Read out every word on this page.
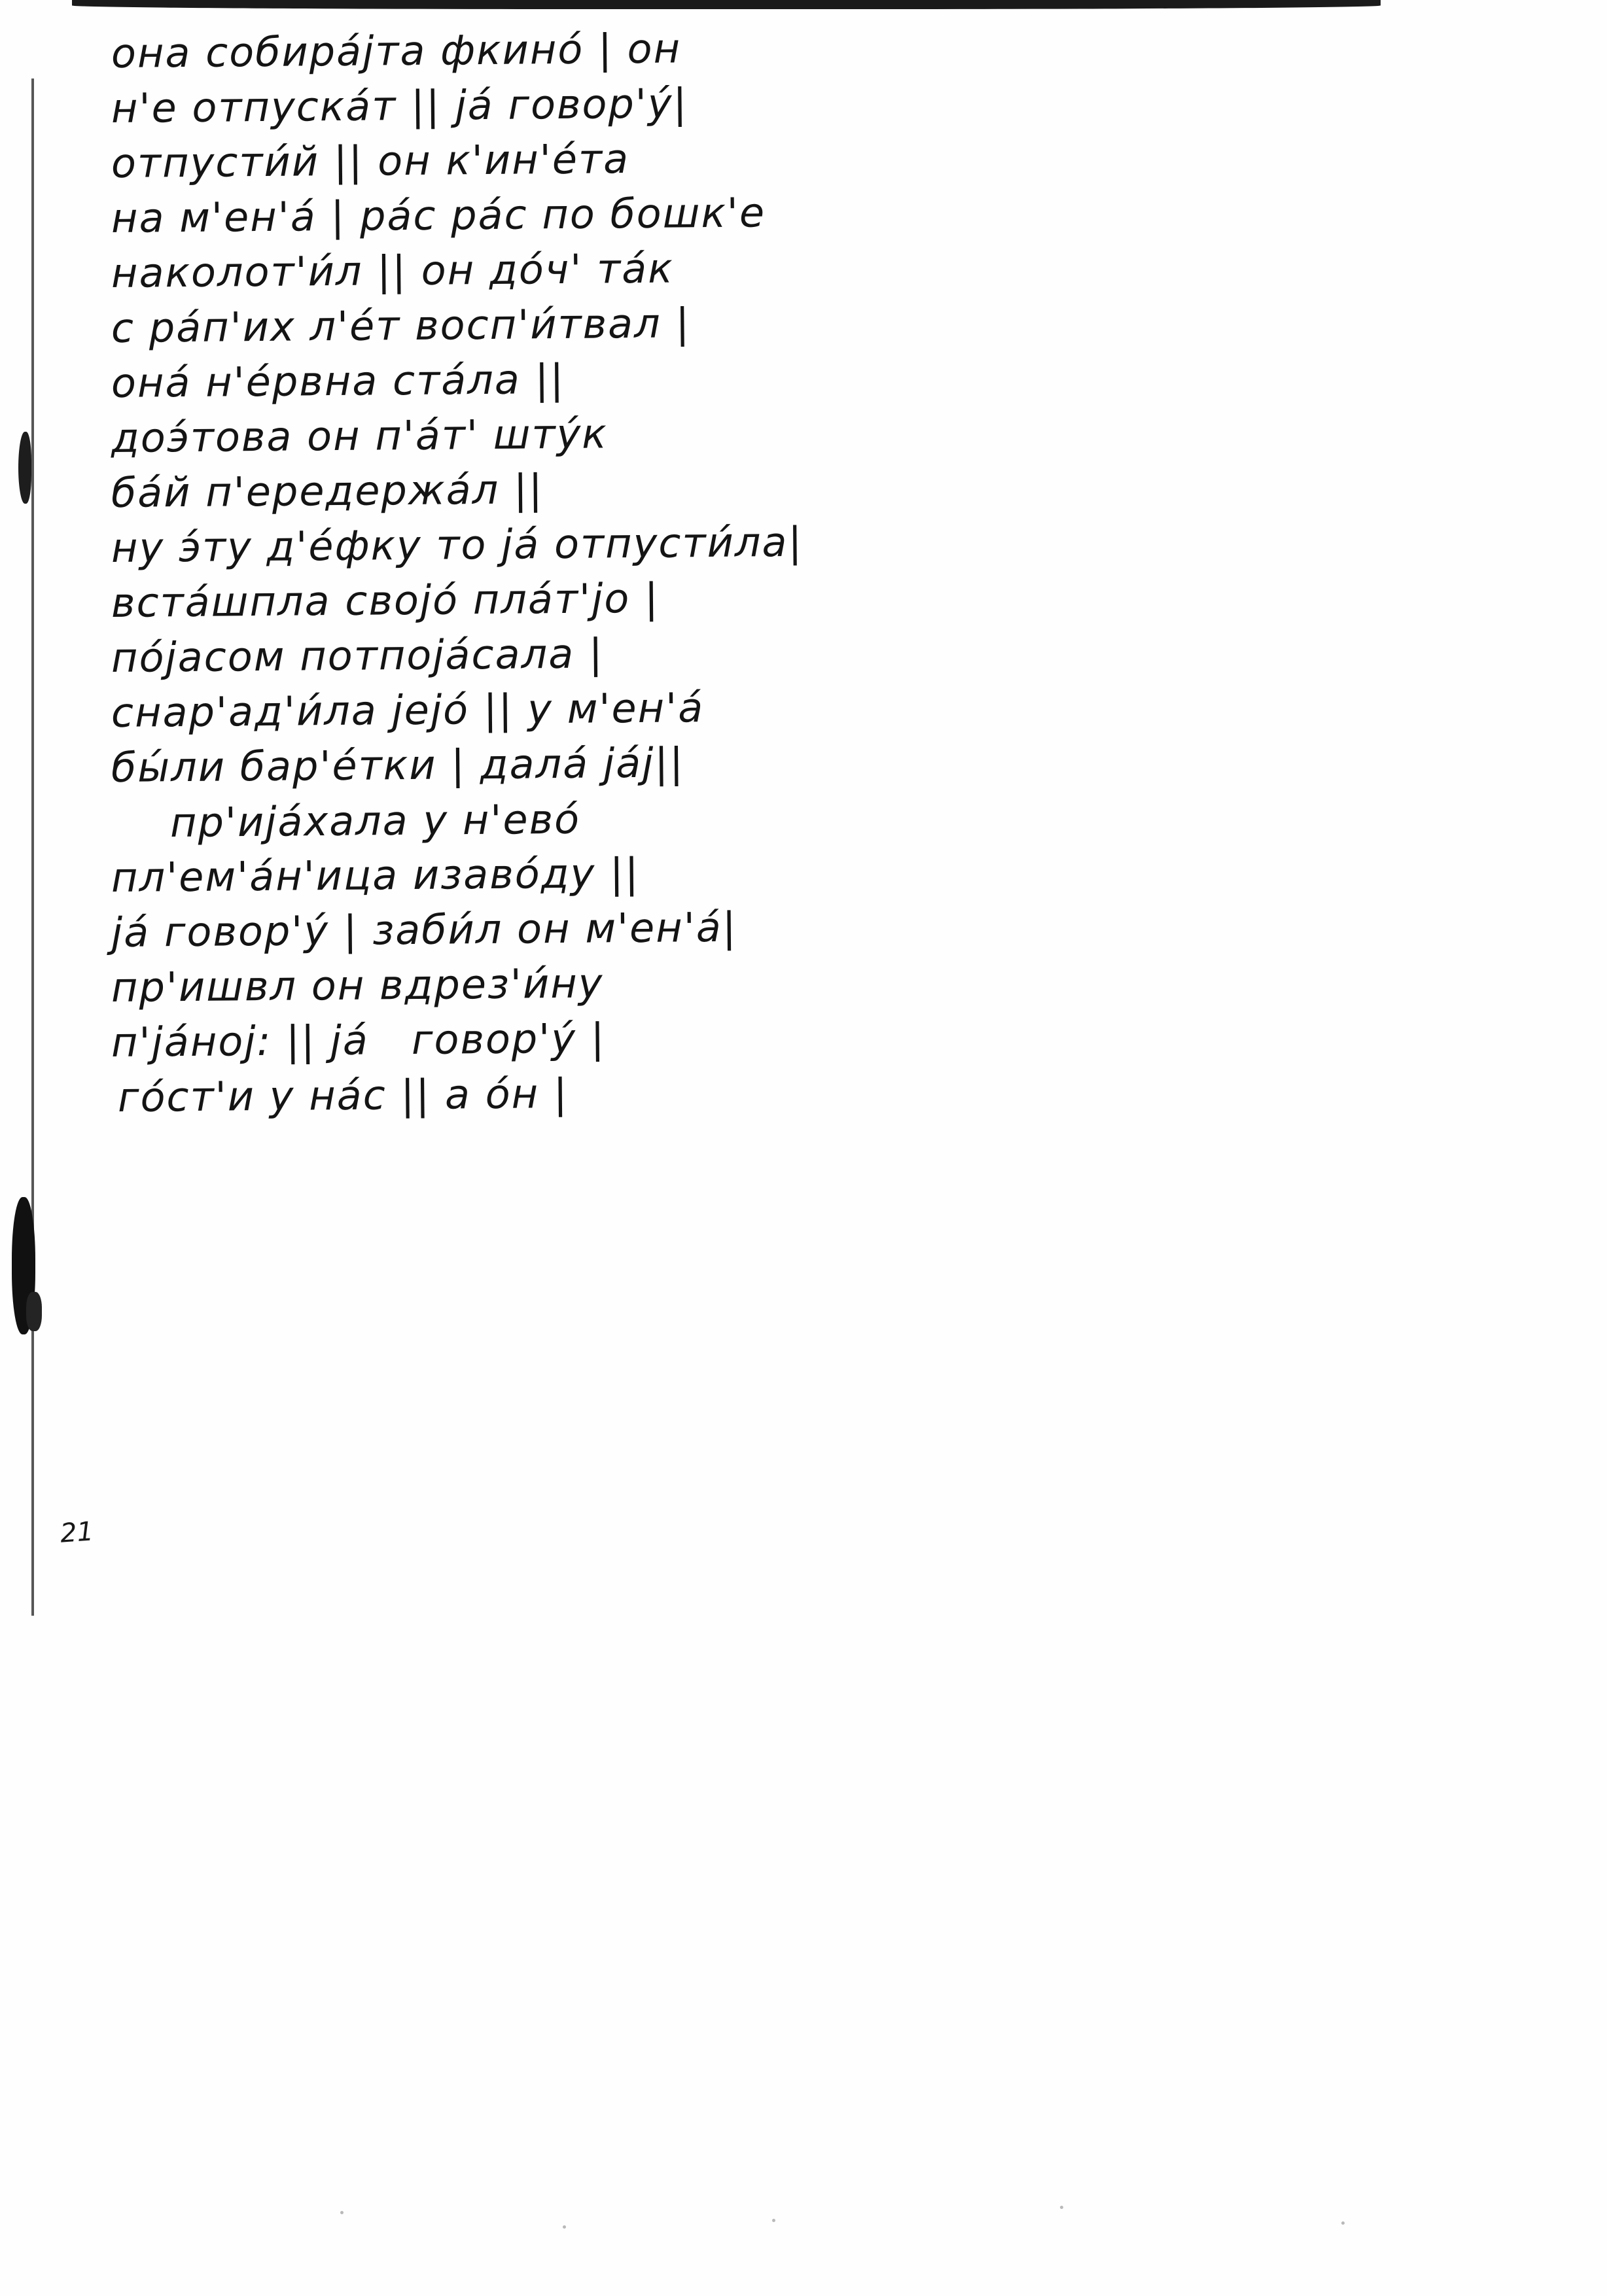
она собира́јта фкино́ | он
н'е отпуска́т || ја́ говор'у́|
отпусти́й || он к'ин'е́та
на м'ен'а́ | ра́с ра́с по бошк'е
наколот'и́л || он до́ч' та́к
с ра́п'их л'е́т восп'и́твал |
она́ н'е́рвна ста́ла ||
доэ́това он п'а́т' шту́к
ба́й п'ередержа́л ||
ну э́ту д'е́фку то ја́ отпусти́ла|
вста́шпла своjо́ пла́т'jо |
по́jасом потпоjа́сала |
снар'ад'и́ла јеjо́ || у м'ен'а́
бы́ли бар'е́тки | дала́ ја́j||
пр'иjа́хала у н'ево́
пл'ем'а́н'ица изаво́ду ||
ја́ говор'у́ | заби́л он м'ен'а́|
пр'ишвл он вдрез'и́ну
п'ја́ноj: || ја́   говор'у́ |
го́ст'и у на́с || а о́н |
21
